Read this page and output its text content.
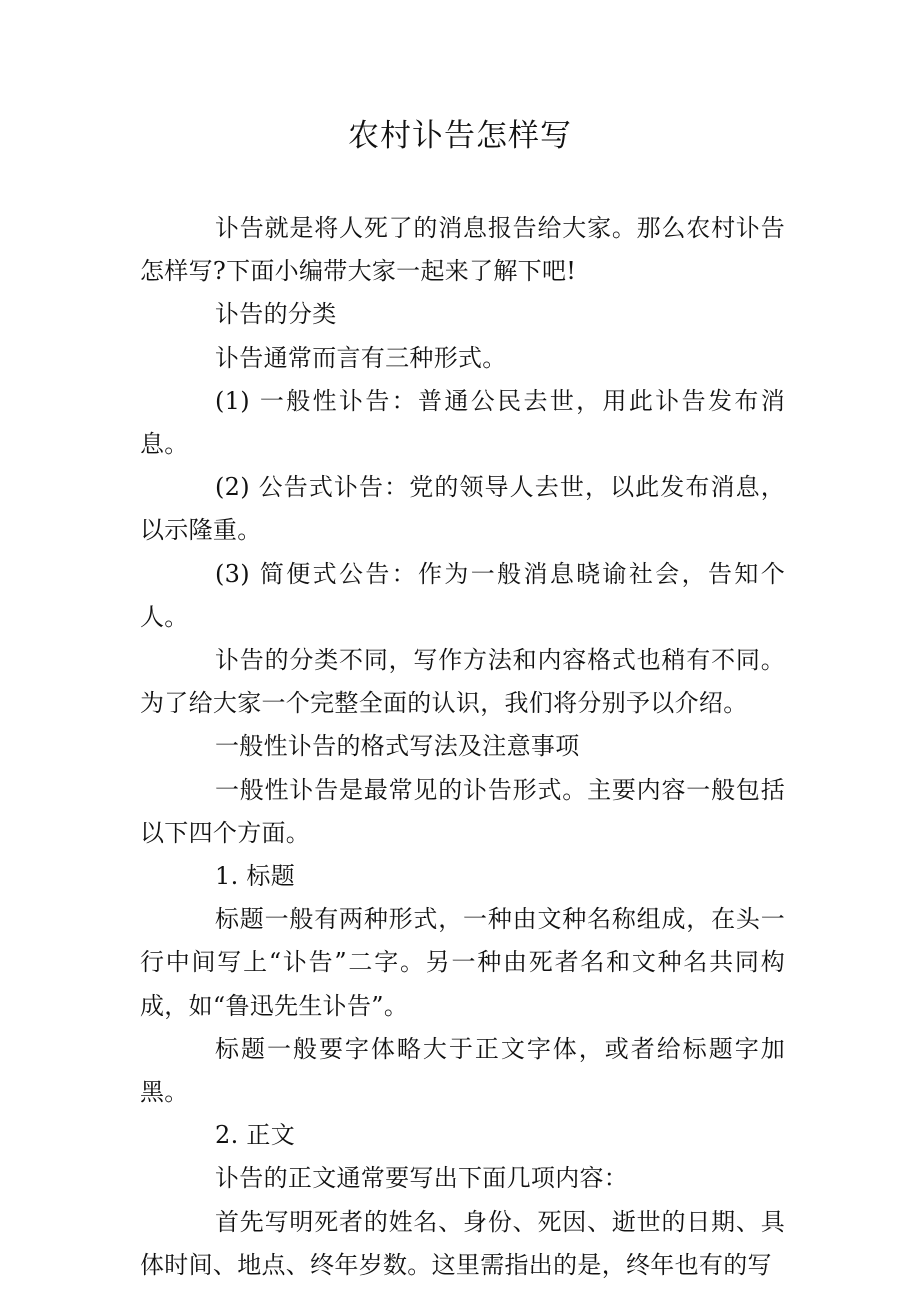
农村讣告怎样写

讣告就是将人死了的消息报告给大家。那么农村讣告怎样写?下面小编带大家一起来了解下吧!

讣告的分类

讣告通常而言有三种形式。

(1) 一般性讣告：普通公民去世，用此讣告发布消息。

(2) 公告式讣告：党的领导人去世，以此发布消息，以示隆重。

(3) 简便式公告：作为一般消息晓谕社会，告知个人。

讣告的分类不同，写作方法和内容格式也稍有不同。为了给大家一个完整全面的认识，我们将分别予以介绍。

一般性讣告的格式写法及注意事项

一般性讣告是最常见的讣告形式。主要内容一般包括以下四个方面。

1. 标题

标题一般有两种形式，一种由文种名称组成，在头一行中间写上“讣告”二字。另一种由死者名和文种名共同构成，如“鲁迅先生讣告”。

标题一般要字体略大于正文字体，或者给标题字加黑。

2. 正文

讣告的正文通常要写出下面几项内容：

首先写明死者的姓名、身份、死因、逝世的日期、具体时间、地点、终年岁数。这里需指出的是，终年也有的写
